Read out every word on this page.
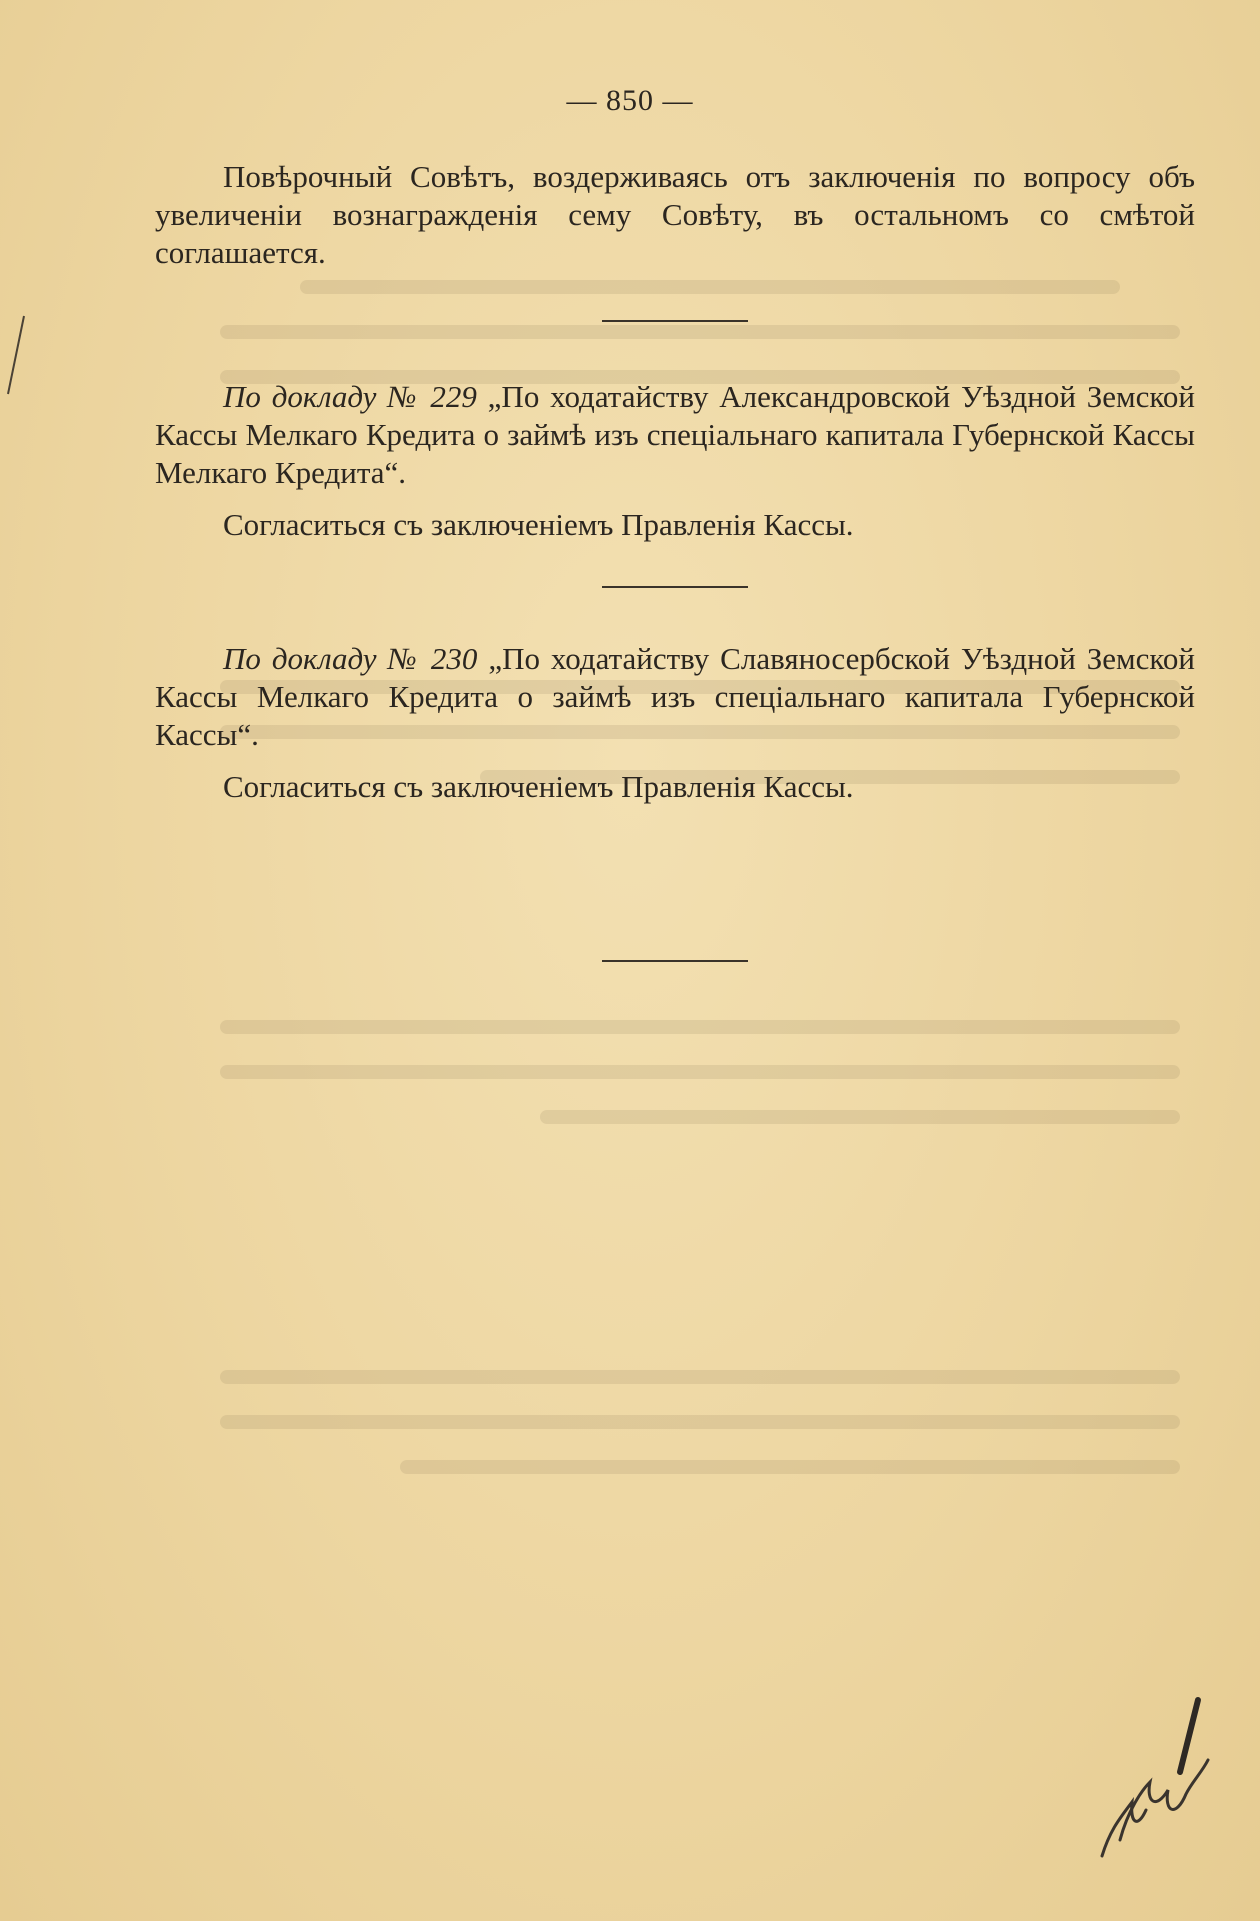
— 850 —

Повѣрочный Совѣтъ, воздерживаясь отъ заключенія по вопросу объ увеличеніи вознагражденія сему Совѣту, въ остальномъ со смѣтой соглашается.

По докладу № 229 „По ходатайству Александровской Уѣздной Земской Кассы Мелкаго Кредита о займѣ изъ спеціальнаго капитала Губернской Кассы Мелкаго Кредита“.

Согласиться съ заключеніемъ Правленія Кассы.

По докладу № 230 „По ходатайству Славяносербской Уѣздной Земской Кассы Мелкаго Кредита о займѣ изъ спеціальнаго капитала Губернской Кассы“.

Согласиться съ заключеніемъ Правленія Кассы.
